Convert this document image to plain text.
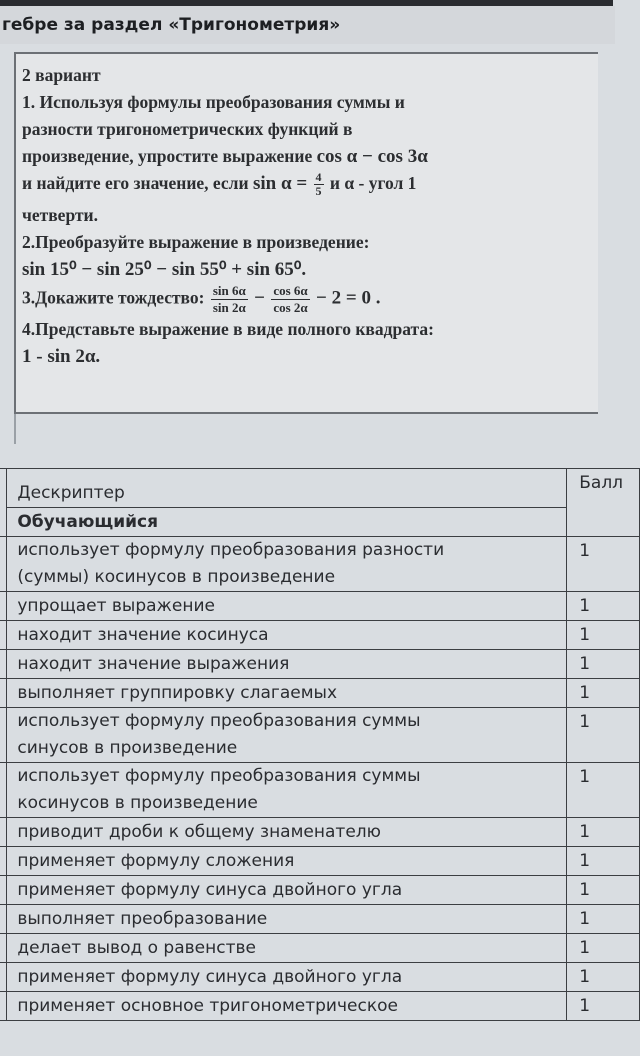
гебре за раздел «Тригонометрия»
2 вариант
1. Используя формулы преобразования суммы и
разности тригонометрических функций в
произведение, упростите выражение cos α − cos 3α
и найдите его значение, если $\sin \alpha = \frac{4}{5}$ и α - угол 1
четверти.
2.Преобразуйте выражение в произведение:
sin 15⁰ − sin 25⁰ − sin 55⁰ + sin 65⁰.
3.Докажите тождество: $\frac{\sin 6\alpha}{\sin 2\alpha} - \frac{\cos 6\alpha}{\cos 2\alpha} - 2 = 0$ .
4.Представьте выражение в виде полного квадрата:
1 - sin 2α.
	Дескриптер	Балл
	Обучающийся	

	использует формулу преобразования разности
(суммы) косинусов в произведение	1
	упрощает выражение	1
	находит значение косинуса	1
	находит значение выражения	1
	выполняет группировку слагаемых	1

	использует формулу преобразования суммы
синусов в произведение	1

	использует формулу преобразования суммы
косинусов в произведение	1
	приводит дроби к общему знаменателю	1
	применяет формулу сложения	1
	применяет формулу синуса двойного угла	1
	выполняет преобразование	1
	делает вывод о равенстве	1
	применяет формулу синуса двойного угла	1
	применяет основное тригонометрическое	1
